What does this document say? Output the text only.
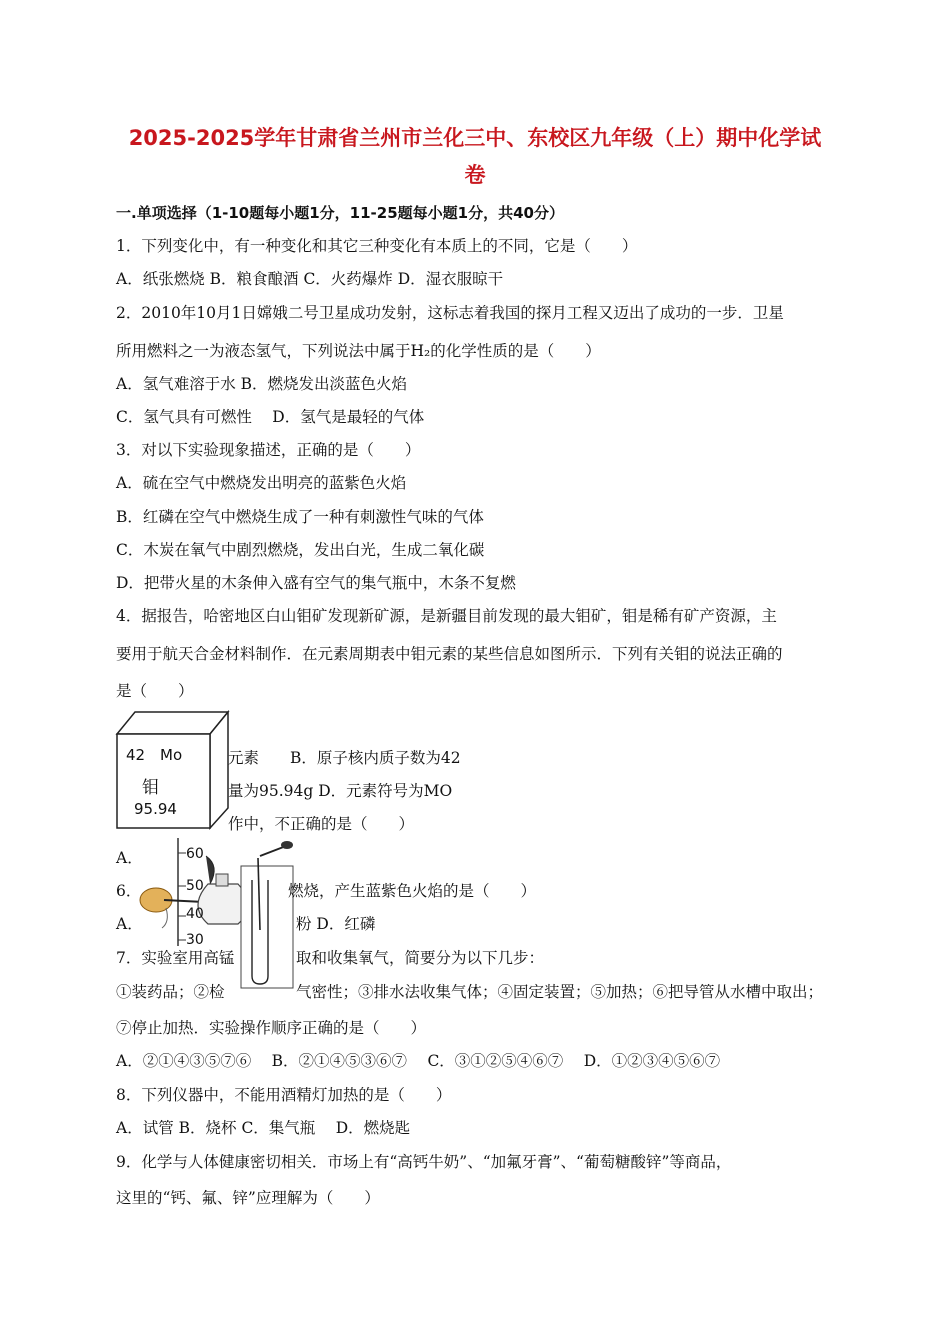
2025-2025学年甘肃省兰州市兰化三中、东校区九年级（上）期中化学试
卷
一.单项选择（1-10题每小题1分，11-25题每小题1分，共40分）
1．下列变化中，有一种变化和其它三种变化有本质上的不同，它是（　　）
A．纸张燃烧 B．粮食酿酒 C．火药爆炸 D．湿衣服晾干
2．2010年10月1日嫦娥二号卫星成功发射，这标志着我国的探月工程又迈出了成功的一步．卫星
所用燃料之一为液态氢气，下列说法中属于H₂的化学性质的是（　　）
A．氢气难溶于水 B．燃烧发出淡蓝色火焰
C．氢气具有可燃性　 D．氢气是最轻的气体
3．对以下实验现象描述，正确的是（　　）
A．硫在空气中燃烧发出明亮的蓝紫色火焰
B．红磷在空气中燃烧生成了一种有刺激性气味的气体
C．木炭在氧气中剧烈燃烧，发出白光，生成二氧化碳
D．把带火星的木条伸入盛有空气的集气瓶中，木条不复燃
4．据报告，哈密地区白山钼矿发现新矿源，是新疆目前发现的最大钼矿，钼是稀有矿产资源，主
要用于航天合金材料制作．在元素周期表中钼元素的某些信息如图所示．下列有关钼的说法正确的
是（　　）
元素　　B．原子核内质子数为42
量为95.94g D．元素符号为MO
42 Mo
钼
95.94
作中，不正确的是（　　）
A．	60
50
40
30
6．	燃烧，产生蓝紫色火焰的是（　　）
A．	粉 D．红磷
7．实验室用高锰	取和收集氧气，简要分为以下几步：
①装药品；②检	气密性；③排水法收集气体；④固定装置；⑤加热；⑥把导管从水槽中取出；
⑦停止加热．实验操作顺序正确的是（　　）
A．②①④③⑤⑦⑥　 B．②①④⑤③⑥⑦　 C．③①②⑤④⑥⑦　 D．①②③④⑤⑥⑦
8．下列仪器中，不能用酒精灯加热的是（　　）
A．试管 B．烧杯 C．集气瓶　 D．燃烧匙
9．化学与人体健康密切相关．市场上有“高钙牛奶”、“加氟牙膏”、“葡萄糖酸锌”等商品，
这里的“钙、氟、锌”应理解为（　　）
